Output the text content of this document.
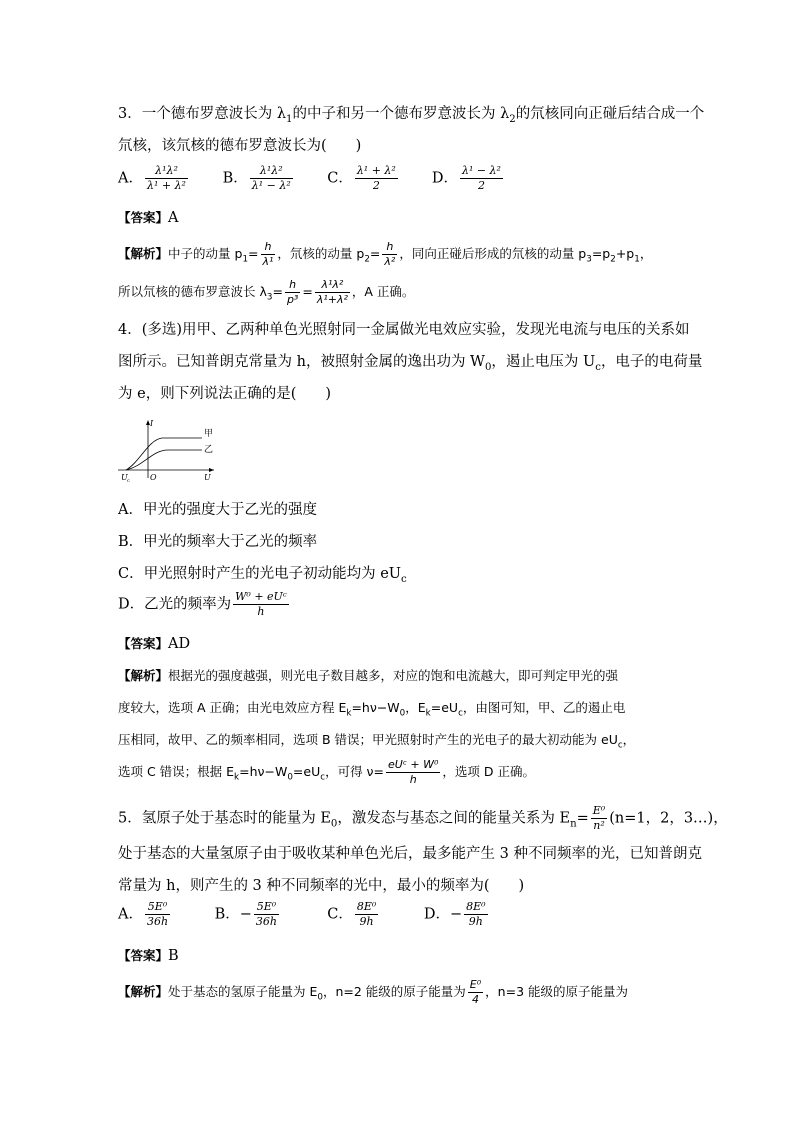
3．一个德布罗意波长为 $\lambda_1$的中子和另一个德布罗意波长为 $\lambda_2$的氘核同向正碰后结合成一个
氘核，该氘核的德布罗意波长为(　　)
A． $\frac{\text{λ¹λ²}}{\text{λ¹ + λ²}}$ B． $\frac{\text{λ¹λ²}}{\text{λ¹ − λ²}}$ C． $\frac{\text{λ¹ + λ²}}{2}$ D． $\frac{\text{λ¹ − λ²}}{2}$
【答案】A
【解析】中子的动量 $p_1= \frac{h}{\text{λ¹}}$ ，氘核的动量 $p_2= \frac{h}{\text{λ²}}$ ，同向正碰后形成的氘核的动量 $p_3=p_2+p_1$，
所以氘核的德布罗意波长 $\lambda_3= \frac{h}{\text{p³}} = \frac{\text{λ¹λ²}}{\text{λ¹+λ²}}$ ，A 正确。
4．(多选)用甲、乙两种单色光照射同一金属做光电效应实验，发现光电流与电压的关系如
图所示。已知普朗克常量为 h，被照射金属的逸出功为 $W_0$，遏止电压为 $U_c$，电子的电荷量
为 e，则下列说法正确的是(　　)
I
U
O
U c
甲
乙
A．甲光的强度大于乙光的强度
B．甲光的频率大于乙光的频率
C．甲光照射时产生的光电子初动能均为 $eU_c$
D．乙光的频率为 $\frac{\text{W⁰ + eUᶜ}}{h}$
【答案】AD
【解析】根据光的强度越强，则光电子数目越多，对应的饱和电流越大，即可判定甲光的强
度较大，选项 A 正确；由光电效应方程 $E_k=h\nu-W_0$，$E_k=eU_c$，由图可知，甲、乙的遏止电
压相同，故甲、乙的频率相同，选项 B 错误；甲光照射时产生的光电子的最大初动能为 $eU_c$，
选项 C 错误；根据 $E_k=h\nu-W_0=eU_c$，可得 $\nu= \frac{\text{eUᶜ + W⁰}}{h}$ ，选项 D 正确。
5．氢原子处于基态时的能量为 $E_0$，激发态与基态之间的能量关系为 $E_n= \frac{\text{E⁰}}{\text{n²}} (n=1$，2，3…)，
处于基态的大量氢原子由于吸收某种单色光后，最多能产生 3 种不同频率的光，已知普朗克
常量为 h，则产生的 3 种不同频率的光中，最小的频率为(　　)
A． $\frac{\text{5E⁰}}{36h}$	B．− $\frac{\text{5E⁰}}{36h}$	C． $\frac{\text{8E⁰}}{9h}$	D．− $\frac{\text{8E⁰}}{9h}$
【答案】B
【解析】处于基态的氢原子能量为 $E_0$，n=2 能级的原子能量为 $\frac{\text{E⁰}}{4}$ ，n=3 能级的原子能量为
